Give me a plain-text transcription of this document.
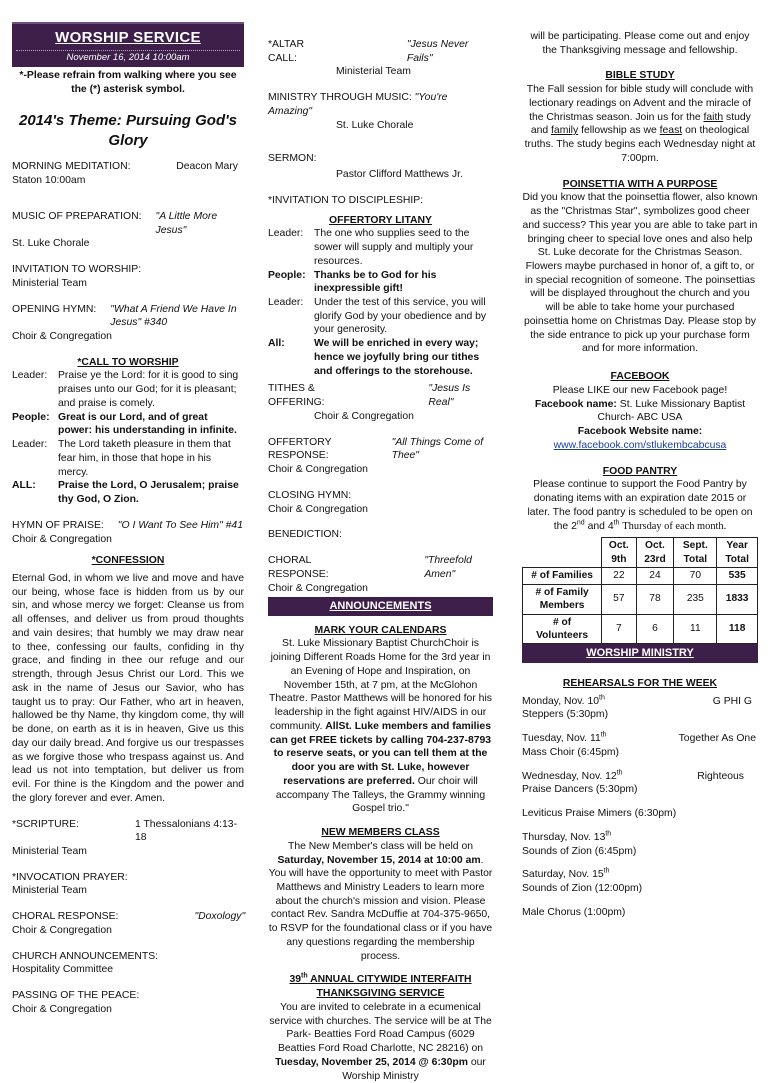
WORSHIP SERVICE
November 16, 2014 10:00am
*-Please refrain from walking where you see the (*) asterisk symbol.
2014's Theme: Pursuing God's Glory
MORNING MEDITATION:	Deacon Mary
Staton 10:00am
MUSIC OF PREPARATION: "A Little More Jesus"
St. Luke Chorale
INVITATION TO WORSHIP:
Ministerial Team
OPENING HYMN: "What A Friend We Have In Jesus" #340
Choir & Congregation
*CALL TO WORSHIP
Leader:	Praise ye the Lord: for it is good to sing praises unto our God; for it is pleasant; and praise is comely.
People: Great is our Lord, and of great power: his understanding in infinite.
Leader:	The Lord taketh pleasure in them that fear him, in those that hope in his mercy.
ALL:	Praise the Lord, O Jerusalem; praise thy God, O Zion.
HYMN OF PRAISE: "O I Want To See Him" #41
Choir & Congregation
*CONFESSION
Eternal God, in whom we live and move and have our being, whose face is hidden from us by our sin, and whose mercy we forget: Cleanse us from all offenses, and deliver us from proud thoughts and vain desires; that humbly we may draw near to thee, confessing our faults, confiding in thy grace, and finding in thee our refuge and our strength, through Jesus Christ our Lord. This we ask in the name of Jesus our Savior, who has taught us to pray: Our Father, who art in heaven, hallowed be thy Name, thy kingdom come, thy will be done, on earth as it is in heaven, Give us this day our daily bread. And forgive us our trespasses as we forgive those who trespass against us. And lead us not into temptation, but deliver us from evil. For thine is the Kingdom and the power and the glory forever and ever. Amen.
*SCRIPTURE:	1 Thessalonians 4:13-18
Ministerial Team
*INVOCATION PRAYER:
Ministerial Team
CHORAL RESPONSE:	"Doxology"
Choir & Congregation
CHURCH ANNOUNCEMENTS:
Hospitality Committee
PASSING OF THE PEACE:
Choir & Congregation
*ALTAR CALL:
"Jesus Never Fails"
Ministerial Team
MINISTRY THROUGH MUSIC: "You're Amazing"
St. Luke Chorale
SERMON:
Pastor Clifford Matthews Jr.
*INVITATION TO DISCIPLESHIP:
OFFERTORY LITANY
Leader:	The one who supplies seed to the sower will supply and multiply your resources.
People: Thanks be to God for his inexpressible gift!
Leader:	Under the test of this service, you will glorify God by your obedience and by your generosity.
All:	We will be enriched in every way; hence we joyfully bring our tithes and offerings to the storehouse.
TITHES & OFFERING:
"Jesus Is Real"
Choir & Congregation
OFFERTORY RESPONSE:
"All Things Come of Thee"
Choir & Congregation
CLOSING HYMN:
Choir & Congregation
BENEDICTION:
CHORAL RESPONSE:
"Threefold Amen"
Choir & Congregation
ANNOUNCEMENTS
MARK YOUR CALENDARS
St. Luke Missionary Baptist ChurchChoir is joining Different Roads Home for the 3rd year in an Evening of Hope and Inspiration, on November 15th, at 7 pm, at the McGlohon Theatre. Pastor Matthews will be honored for his leadership in the fight against HIV/AIDS in our community. AllSt. Luke members and families can get FREE tickets by calling 704-237-8793 to reserve seats, or you can tell them at the door you are with St. Luke, however reservations are preferred. Our choir will accompany The Talleys, the Grammy winning Gospel trio."
NEW MEMBERS CLASS
The New Member's class will be held on Saturday, November 15, 2014 at 10:00 am. You will have the opportunity to meet with Pastor Matthews and Ministry Leaders to learn more about the church's mission and vision. Please contact Rev. Sandra McDuffie at 704-375-9650, to RSVP for the foundational class or if you have any questions regarding the membership process.
39th ANNUAL CITYWIDE INTERFAITH THANKSGIVING SERVICE
You are invited to celebrate in a ecumenical service with churches. The service will be at The Park- Beatties Ford Road Campus (6029 Beatties Ford Road Charlotte, NC 28216) on Tuesday, November 25, 2014 @ 6:30pm our Worship Ministry
will be participating. Please come out and enjoy the Thanksgiving message and fellowship.
BIBLE STUDY
The Fall session for bible study will conclude with lectionary readings on Advent and the miracle of the Christmas season. Join us for the faith study and family fellowship as we feast on theological truths. The study begins each Wednesday night at 7:00pm.
POINSETTIA WITH A PURPOSE
Did you know that the poinsettia flower, also known as the "Christmas Star", symbolizes good cheer and success? This year you are able to take part in bringing cheer to special love ones and also help St. Luke decorate for the Christmas Season. Flowers maybe purchased in honor of, a gift to, or in special recognition of someone. The poinsettias will be displayed throughout the church and you will be able to take home your purchased poinsettia home on Christmas Day. Please stop by the side entrance to pick up your purchase form and for more information.
FACEBOOK
Please LIKE our new Facebook page!
Facebook name: St. Luke Missionary Baptist Church- ABC USA
Facebook Website name:
www.facebook.com/stlukembcabcusa
FOOD PANTRY
Please continue to support the Food Pantry by donating items with an expiration date 2015 or later. The food pantry is scheduled to be open on the 2nd and 4th Thursday of each month.
	Oct. 9th	Oct. 23rd	Sept. Total	Year Total
# of Families	22	24	70	535
# of Family Members	57	78	235	1833
# of Volunteers	7	6	11	118
WORSHIP MINISTRY
REHEARSALS FOR THE WEEK
Monday, Nov. 10th
Steppers (5:30pm)
G PHI G
Tuesday, Nov. 11th
Mass Choir (6:45pm)
Together As One
Wednesday, Nov. 12th
Praise Dancers (5:30pm)
Righteous
Leviticus Praise Mimers (6:30pm)
Thursday, Nov. 13th
Sounds of Zion (6:45pm)
Saturday, Nov. 15th
Sounds of Zion (12:00pm)
Male Chorus (1:00pm)
